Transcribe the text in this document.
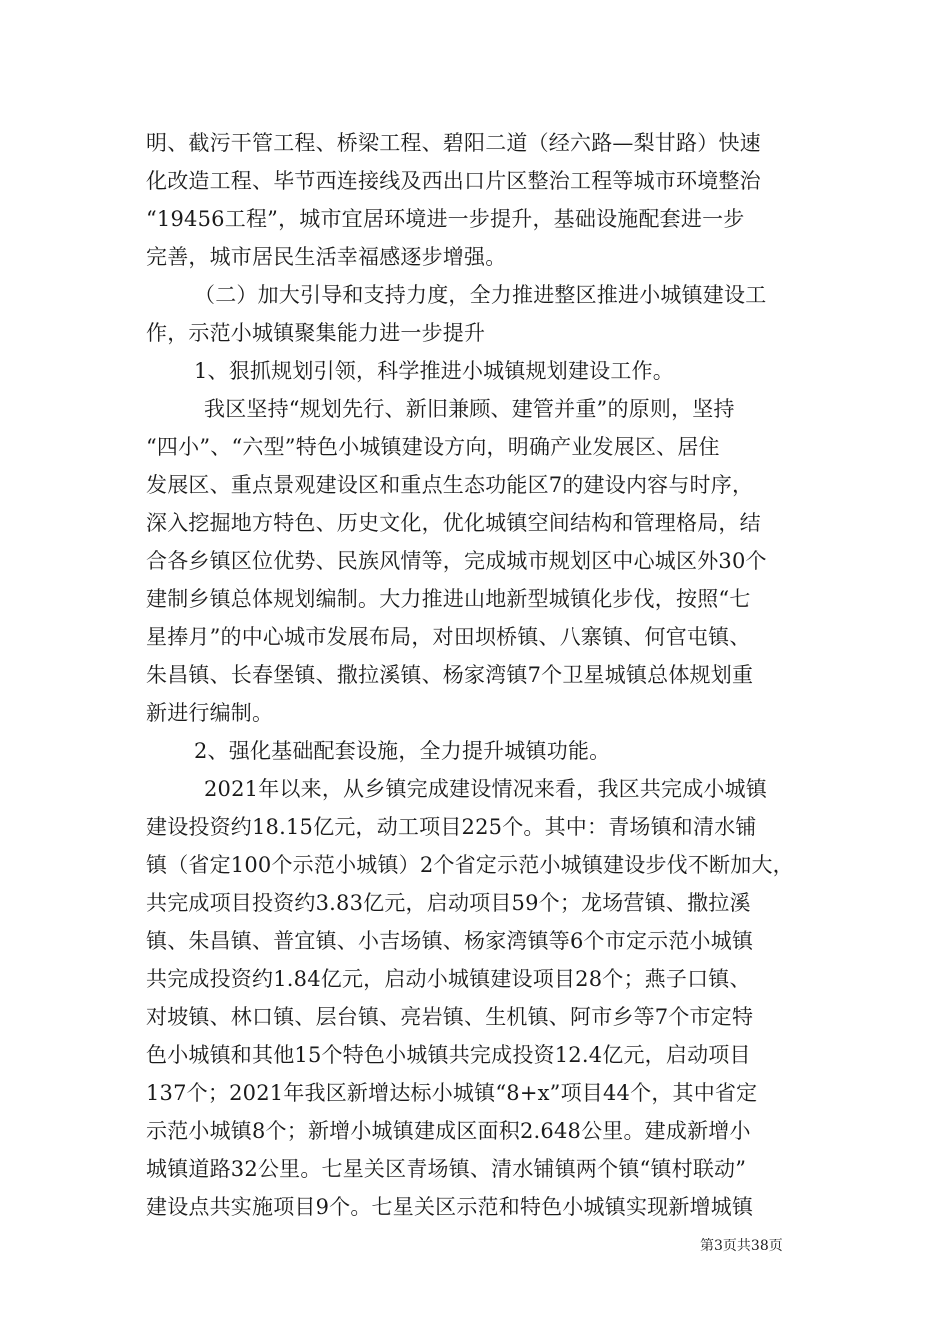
明、截污干管工程、桥梁工程、碧阳二道（经六路—梨甘路）快速
化改造工程、毕节西连接线及西出口片区整治工程等城市环境整治
“19456工程”，城市宜居环境进一步提升，基础设施配套进一步
完善，城市居民生活幸福感逐步增强。
（二）加大引导和支持力度，全力推进整区推进小城镇建设工
作，示范小城镇聚集能力进一步提升
1、狠抓规划引领，科学推进小城镇规划建设工作。
我区坚持“规划先行、新旧兼顾、建管并重”的原则，坚持
“四小”、“六型”特色小城镇建设方向，明确产业发展区、居住
发展区、重点景观建设区和重点生态功能区7的建设内容与时序，
深入挖掘地方特色、历史文化，优化城镇空间结构和管理格局，结
合各乡镇区位优势、民族风情等，完成城市规划区中心城区外30个
建制乡镇总体规划编制。大力推进山地新型城镇化步伐，按照“七
星捧月”的中心城市发展布局，对田坝桥镇、八寨镇、何官屯镇、
朱昌镇、长春堡镇、撒拉溪镇、杨家湾镇7个卫星城镇总体规划重
新进行编制。
2、强化基础配套设施，全力提升城镇功能。
2021年以来，从乡镇完成建设情况来看，我区共完成小城镇
建设投资约18.15亿元，动工项目225个。其中：青场镇和清水铺
镇（省定100个示范小城镇）2个省定示范小城镇建设步伐不断加大，
共完成项目投资约3.83亿元，启动项目59个；龙场营镇、撒拉溪
镇、朱昌镇、普宜镇、小吉场镇、杨家湾镇等6个市定示范小城镇
共完成投资约1.84亿元，启动小城镇建设项目28个；燕子口镇、
对坡镇、林口镇、层台镇、亮岩镇、生机镇、阿市乡等7个市定特
色小城镇和其他15个特色小城镇共完成投资12.4亿元，启动项目
137个；2021年我区新增达标小城镇“8+x”项目44个，其中省定
示范小城镇8个；新增小城镇建成区面积2.648公里。建成新增小
城镇道路32公里。七星关区青场镇、清水铺镇两个镇“镇村联动”
建设点共实施项目9个。七星关区示范和特色小城镇实现新增城镇
第3页共38页
